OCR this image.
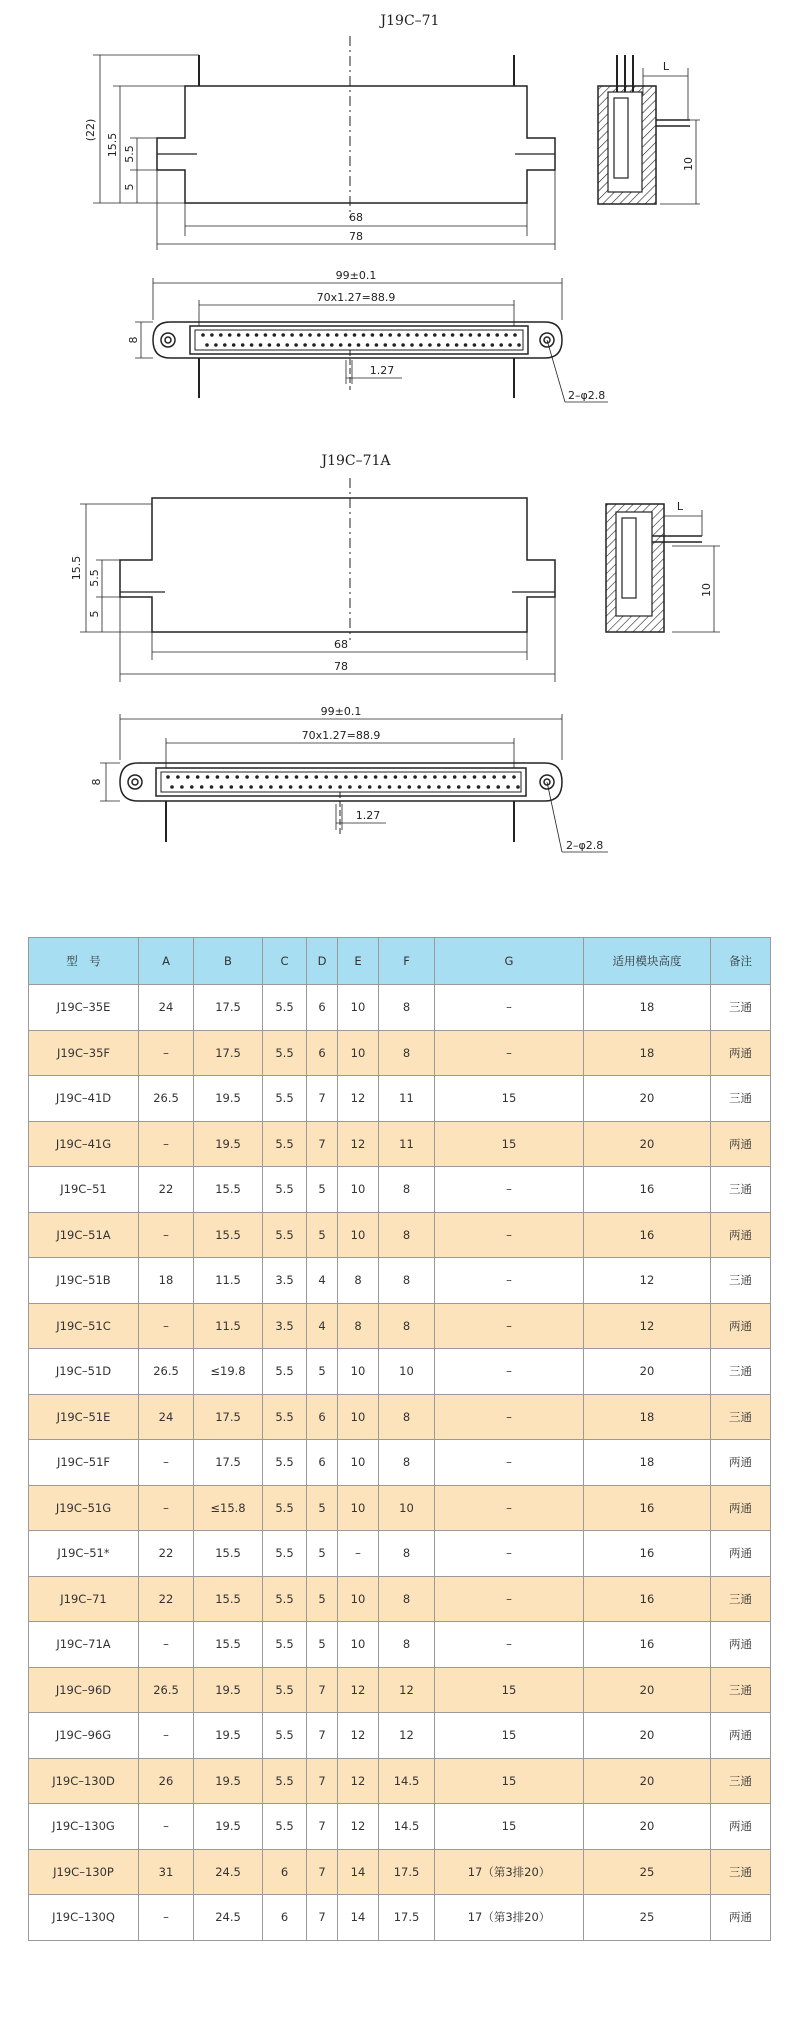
J19C–71
(22)
15.5 5.5
5
68
78
L
10
99±0.1
70x1.27=88.9
1.27
8
2–φ2.8
J19C–71A
15.5 5.5
5
68
78
L
10
99±0.1
70x1.27=88.9
1.27
8
2–φ2.8
型　号	A	B	C	D	E	F	G	适用模块高度	备注
J19C–35E	24	17.5	5.5	6	10	8	–	18	三通
J19C–35F	–	17.5	5.5	6	10	8	–	18	两通
J19C–41D	26.5	19.5	5.5	7	12	11	15	20	三通
J19C–41G	–	19.5	5.5	7	12	11	15	20	两通
J19C–51	22	15.5	5.5	5	10	8	–	16	三通
J19C–51A	–	15.5	5.5	5	10	8	–	16	两通
J19C–51B	18	11.5	3.5	4	8	8	–	12	三通
J19C–51C	–	11.5	3.5	4	8	8	–	12	两通
J19C–51D	26.5	≤19.8	5.5	5	10	10	–	20	三通
J19C–51E	24	17.5	5.5	6	10	8	–	18	三通
J19C–51F	–	17.5	5.5	6	10	8	–	18	两通
J19C–51G	–	≤15.8	5.5	5	10	10	–	16	两通
J19C–51*	22	15.5	5.5	5	–	8	–	16	两通
J19C–71	22	15.5	5.5	5	10	8	–	16	三通
J19C–71A	–	15.5	5.5	5	10	8	–	16	两通
J19C–96D	26.5	19.5	5.5	7	12	12	15	20	三通
J19C–96G	–	19.5	5.5	7	12	12	15	20	两通
J19C–130D	26	19.5	5.5	7	12	14.5	15	20	三通
J19C–130G	–	19.5	5.5	7	12	14.5	15	20	两通
J19C–130P	31	24.5	6	7	14	17.5	17（第3排20）	25	三通
J19C–130Q	–	24.5	6	7	14	17.5	17（第3排20）	25	两通
